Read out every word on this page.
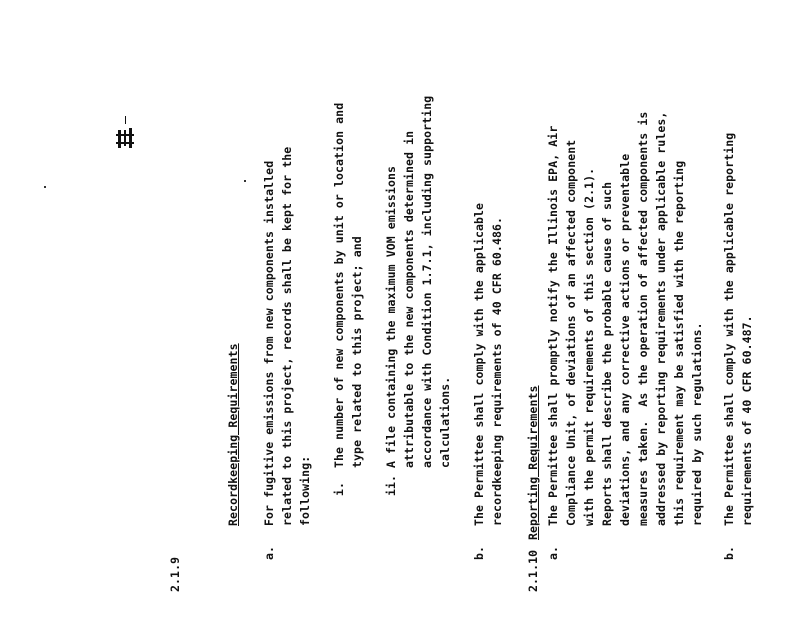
2.1.9
Recordkeeping Requirements
a.
For fugitive emissions from new components installed related to this project, records shall be kept for the following: i.
The number of new components by unit or location and type related to this project; and
ii.
A file containing the maximum VOM emissions attributable to the new components determined in accordance with Condition 1.7.1, including supporting calculations.
b.
The Permittee shall comply with the applicable recordkeeping requirements of 40 CFR 60.486.
2.1.10
Reporting Requirements
a.
The Permittee shall promptly notify the Illinois EPA, Air Compliance Unit, of deviations of an affected component with the permit requirements of this section (2.1). Reports shall describe the probable cause of such deviations, and any corrective actions or preventable measures taken.  As the operation of affected components is addressed by reporting requirements under applicable rules, this requirement may be satisfied with the reporting required by such regulations.
b.
The Permittee shall comply with the applicable reporting requirements of 40 CFR 60.487.
